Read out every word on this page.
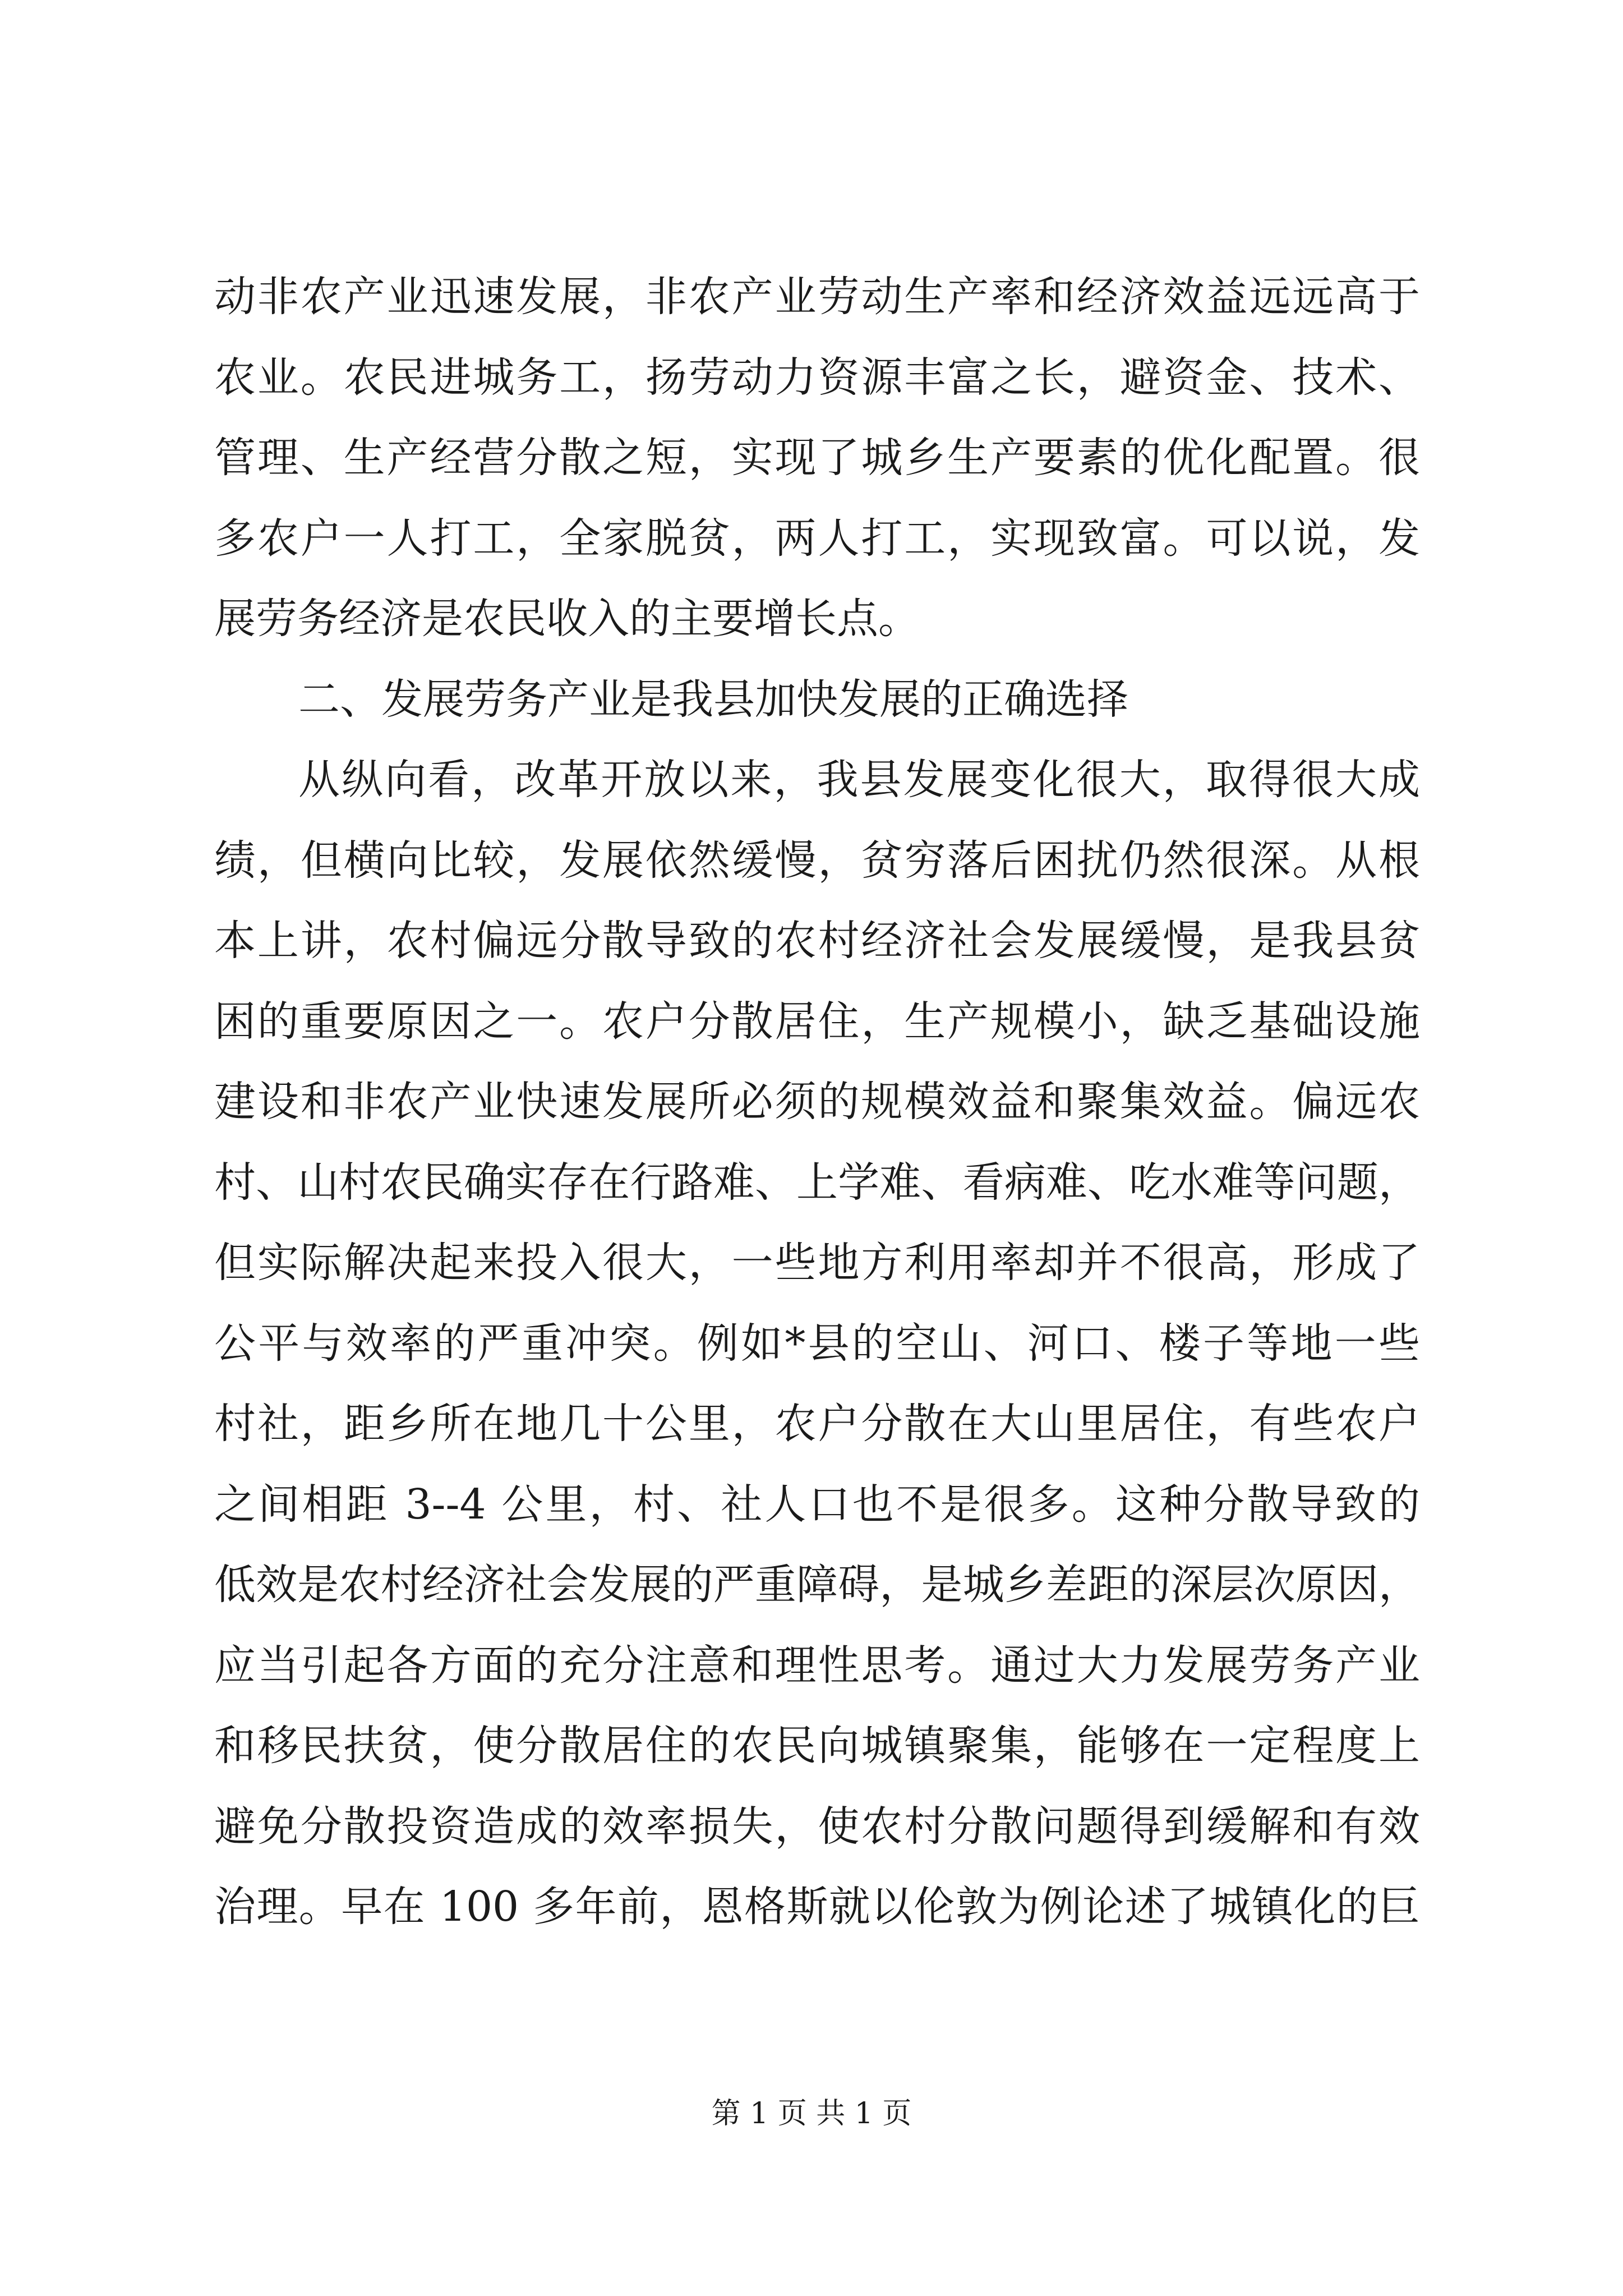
动非农产业迅速发展，非农产业劳动生产率和经济效益远远高于
农业。农民进城务工，扬劳动力资源丰富之长，避资金、技术、
管理、生产经营分散之短，实现了城乡生产要素的优化配置。很
多农户一人打工，全家脱贫，两人打工，实现致富。可以说，发
展劳务经济是农民收入的主要增长点。
二、发展劳务产业是我县加快发展的正确选择
从纵向看，改革开放以来，我县发展变化很大，取得很大成
绩，但横向比较，发展依然缓慢，贫穷落后困扰仍然很深。从根
本上讲，农村偏远分散导致的农村经济社会发展缓慢，是我县贫
困的重要原因之一。农户分散居住，生产规模小，缺乏基础设施
建设和非农产业快速发展所必须的规模效益和聚集效益。偏远农
村、山村农民确实存在行路难、上学难、看病难、吃水难等问题，
但实际解决起来投入很大，一些地方利用率却并不很高，形成了
公平与效率的严重冲突。例如*县的空山、河口、楼子等地一些
村社，距乡所在地几十公里，农户分散在大山里居住，有些农户
之间相距 3--4 公里，村、社人口也不是很多。这种分散导致的
低效是农村经济社会发展的严重障碍，是城乡差距的深层次原因，
应当引起各方面的充分注意和理性思考。通过大力发展劳务产业
和移民扶贫，使分散居住的农民向城镇聚集，能够在一定程度上
避免分散投资造成的效率损失，使农村分散问题得到缓解和有效
治理。早在 100 多年前，恩格斯就以伦敦为例论述了城镇化的巨
第 1 页 共 1 页
